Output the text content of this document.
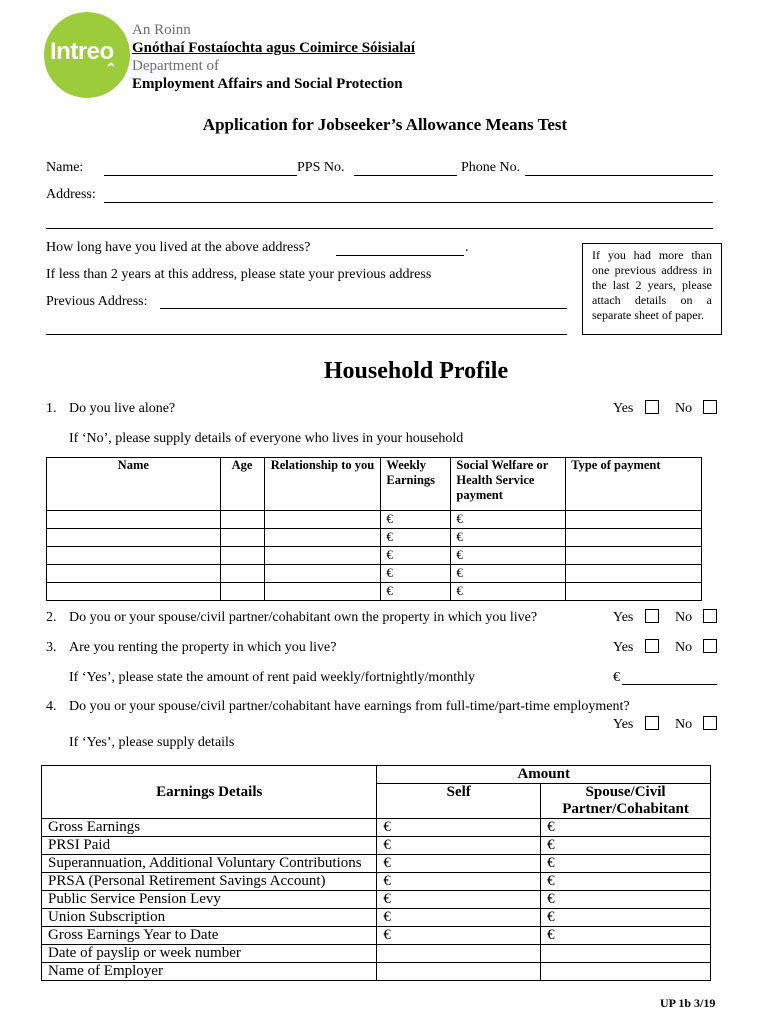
Intreo
⌃
An Roinn
Gnóthaí Fostaíochta agus Coimirce Sóisialaí
Department of
Employment Affairs and Social Protection
Application for Jobseeker’s Allowance Means Test
Name:	PPS No.	Phone No.
Address:
How long have you lived at the above address?	.
If less than 2 years at this address, please state your previous address
Previous Address:
If you had more than one previous address in the last 2 years, please attach details on a separate sheet of paper.
Household Profile
1. Do you live alone?	Yes	No
If ‘No’, please supply details of everyone who lives in your household
Name	Age	Relationship to you	Weekly Earnings	Social Welfare or Health Service payment	Type of payment
			€	€	
			€	€	
			€	€	
			€	€	
			€	€	
2. Do you or your spouse/civil partner/cohabitant own the property in which you live?	Yes	No
3. Are you renting the property in which you live?	Yes	No
If ‘Yes’, please state the amount of rent paid weekly/fortnightly/monthly	€
4. Do you or your spouse/civil partner/cohabitant have earnings from full-time/part-time employment?
Yes	No
If ‘Yes’, please supply details
Earnings Details	Amount	
	Self	Spouse/Civil Partner/Cohabitant
Gross Earnings	€	€
PRSI Paid	€	€
Superannuation, Additional Voluntary Contributions	€	€
PRSA (Personal Retirement Savings Account)	€	€
Public Service Pension Levy	€	€
Union Subscription	€	€
Gross Earnings Year to Date	€	€
Date of payslip or week number		
Name of Employer		
UP 1b 3/19
